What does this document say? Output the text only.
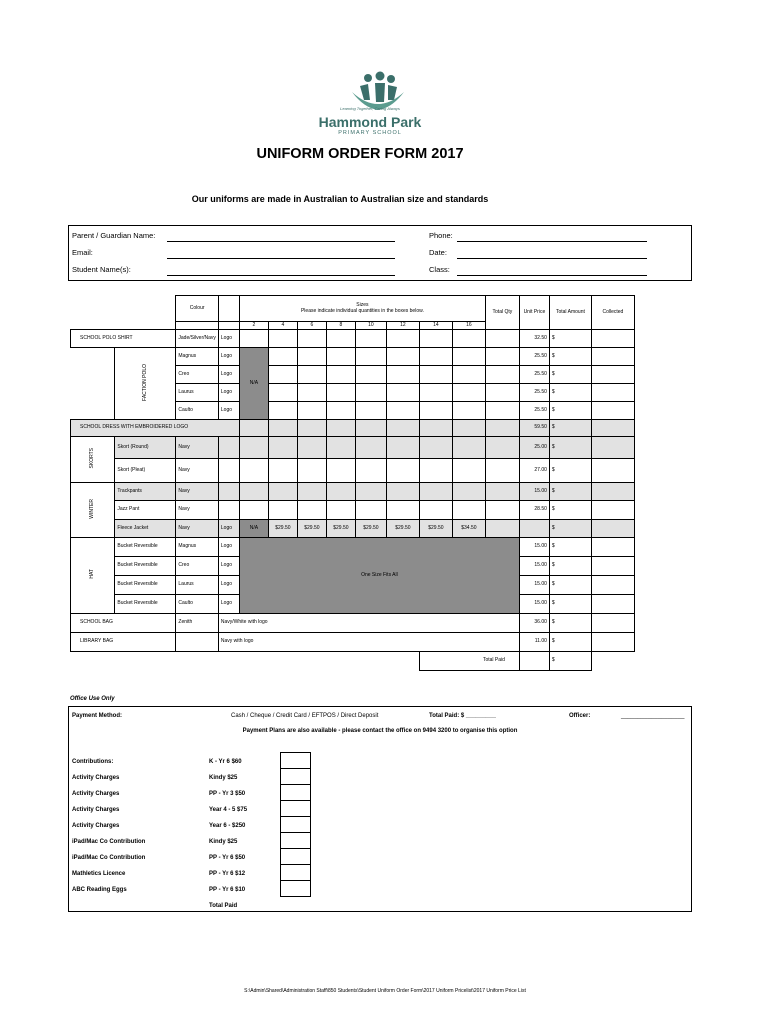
Learning Together, Caring Always
Hammond Park
PRIMARY SCHOOL
UNIFORM ORDER FORM 2017
Our uniforms are made in Australian to Australian size and standards
Parent / Guardian Name:
Email:
Student Name(s):
Phone:
Date:
Class:
		Colour		Sizes
Please indicate individual quantities in the boxes below.								Total Qty	Unit Price	Total Amount	Collected
				2	4	6	8	10	12	14	16				
SCHOOL POLO SHIRT		Jade/Silver/Navy	Logo										32.50	$	
	FACTION POLO	Magnus	Logo	N/A									25.50	$	
		Creo	Logo										25.50	$	
		Laurus	Logo										25.50	$	
		Caulto	Logo										25.50	$	
SCHOOL DRESS WITH EMBROIDERED LOGO													59.50	$	
SKORTS	Skort (Round)	Navy											25.00	$	
	Skort (Pleat)	Navy											27.00	$	
WINTER	Trackpants	Navy											15.00	$	
	Jazz Pant	Navy											28.50	$	
	Fleece Jacket	Navy	Logo	N/A	$29.50	$29.50	$29.50	$29.50	$29.50	$29.50	$34.50			$	
HAT	Bucket Reversible	Magnus	Logo	One Size Fits All									15.00	$	
	Bucket Reversible	Creo	Logo										15.00	$	
	Bucket Reversible	Laurus	Logo										15.00	$	
	Bucket Reversible	Caulto	Logo										15.00	$	
SCHOOL BAG		Zenith	Navy/White with logo										36.00	$	
LIBRARY BAG			Navy with logo										11.00	$	
										Total Paid				$	
Office Use Only
Payment Method:	Cash / Cheque / Credit Card / EFTPOS / Direct Deposit	Total Paid: $ _________	Officer:	___________________
Payment Plans are also available - please contact the office on 9494 3200 to organise this option
Contributions:	K - Yr 6 $60
Activity Charges	Kindy $25
Activity Charges	PP - Yr 3 $50
Activity Charges	Year 4 - 5 $75
Activity Charges	Year 6 - $250
iPad/Mac Co Contribution	Kindy $25
iPad/Mac Co Contribution	PP - Yr 6 $50
Mathletics Licence	PP - Yr 6 $12
ABC Reading Eggs	PP - Yr 6 $10
Total Paid
S:\Admin\Shared\Administration Staff\850 Students\Student Uniform Order Form\2017 Uniform Pricelist\2017 Uniform Price List
